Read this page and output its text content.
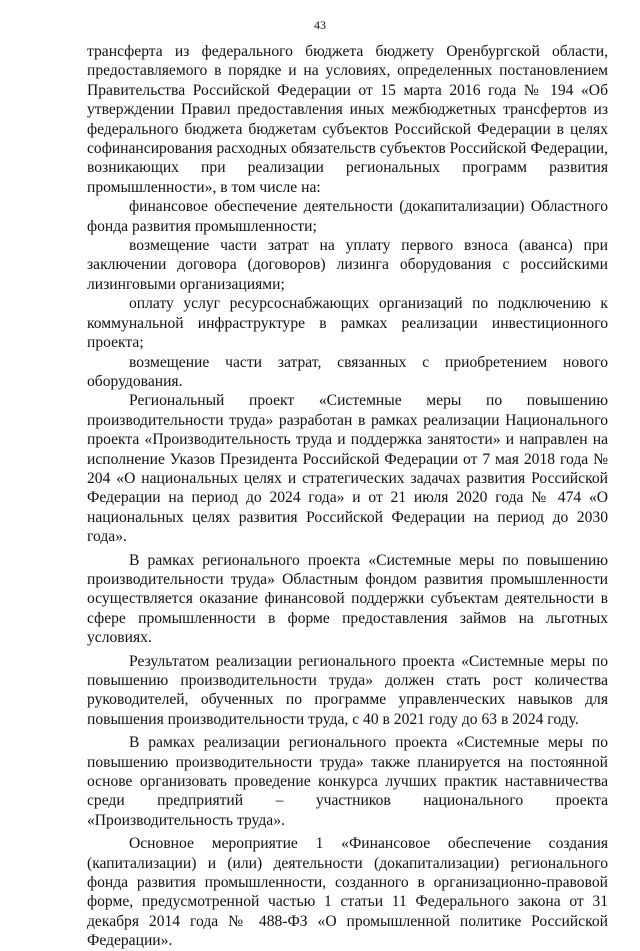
43

трансферта из федерального бюджета бюджету Оренбургской области, предоставляемого в порядке и на условиях, определенных постановлением Правительства Российской Федерации от 15 марта 2016 года № 194 «Об утверждении Правил предоставления иных межбюджетных трансфертов из федерального бюджета бюджетам субъектов Российской Федерации в целях софинансирования расходных обязательств субъектов Российской Федерации, возникающих при реализации региональных программ развития промышленности», в том числе на:

финансовое обеспечение деятельности (докапитализации) Областного фонда развития промышленности;

возмещение части затрат на уплату первого взноса (аванса) при заключении договора (договоров) лизинга оборудования с российскими лизинговыми организациями;

оплату услуг ресурсоснабжающих организаций по подключению к коммунальной инфраструктуре в рамках реализации инвестиционного проекта;

возмещение части затрат, связанных с приобретением нового оборудования.

Региональный проект «Системные меры по повышению производительности труда» разработан в рамках реализации Национального проекта «Производительность труда и поддержка занятости» и направлен на исполнение Указов Президента Российской Федерации от 7 мая 2018 года № 204 «О национальных целях и стратегических задачах развития Российской Федерации на период до 2024 года» и от 21 июля 2020 года № 474 «О национальных целях развития Российской Федерации на период до 2030 года».

В рамках регионального проекта «Системные меры по повышению производительности труда» Областным фондом развития промышленности осуществляется оказание финансовой поддержки субъектам деятельности в сфере промышленности в форме предоставления займов на льготных условиях.

Результатом реализации регионального проекта «Системные меры по повышению производительности труда» должен стать рост количества руководителей, обученных по программе управленческих навыков для повышения производительности труда, с 40 в 2021 году до 63 в 2024 году.

В рамках реализации регионального проекта «Системные меры по повышению производительности труда» также планируется на постоянной основе организовать проведение конкурса лучших практик наставничества среди предприятий – участников национального проекта «Производительность труда».

Основное мероприятие 1 «Финансовое обеспечение создания (капитализации) и (или) деятельности (докапитализации) регионального фонда развития промышленности, созданного в организационно-правовой форме, предусмотренной частью 1 статьи 11 Федерального закона от 31 декабря 2014 года № 488-ФЗ «О промышленной политике Российской Федерации».
